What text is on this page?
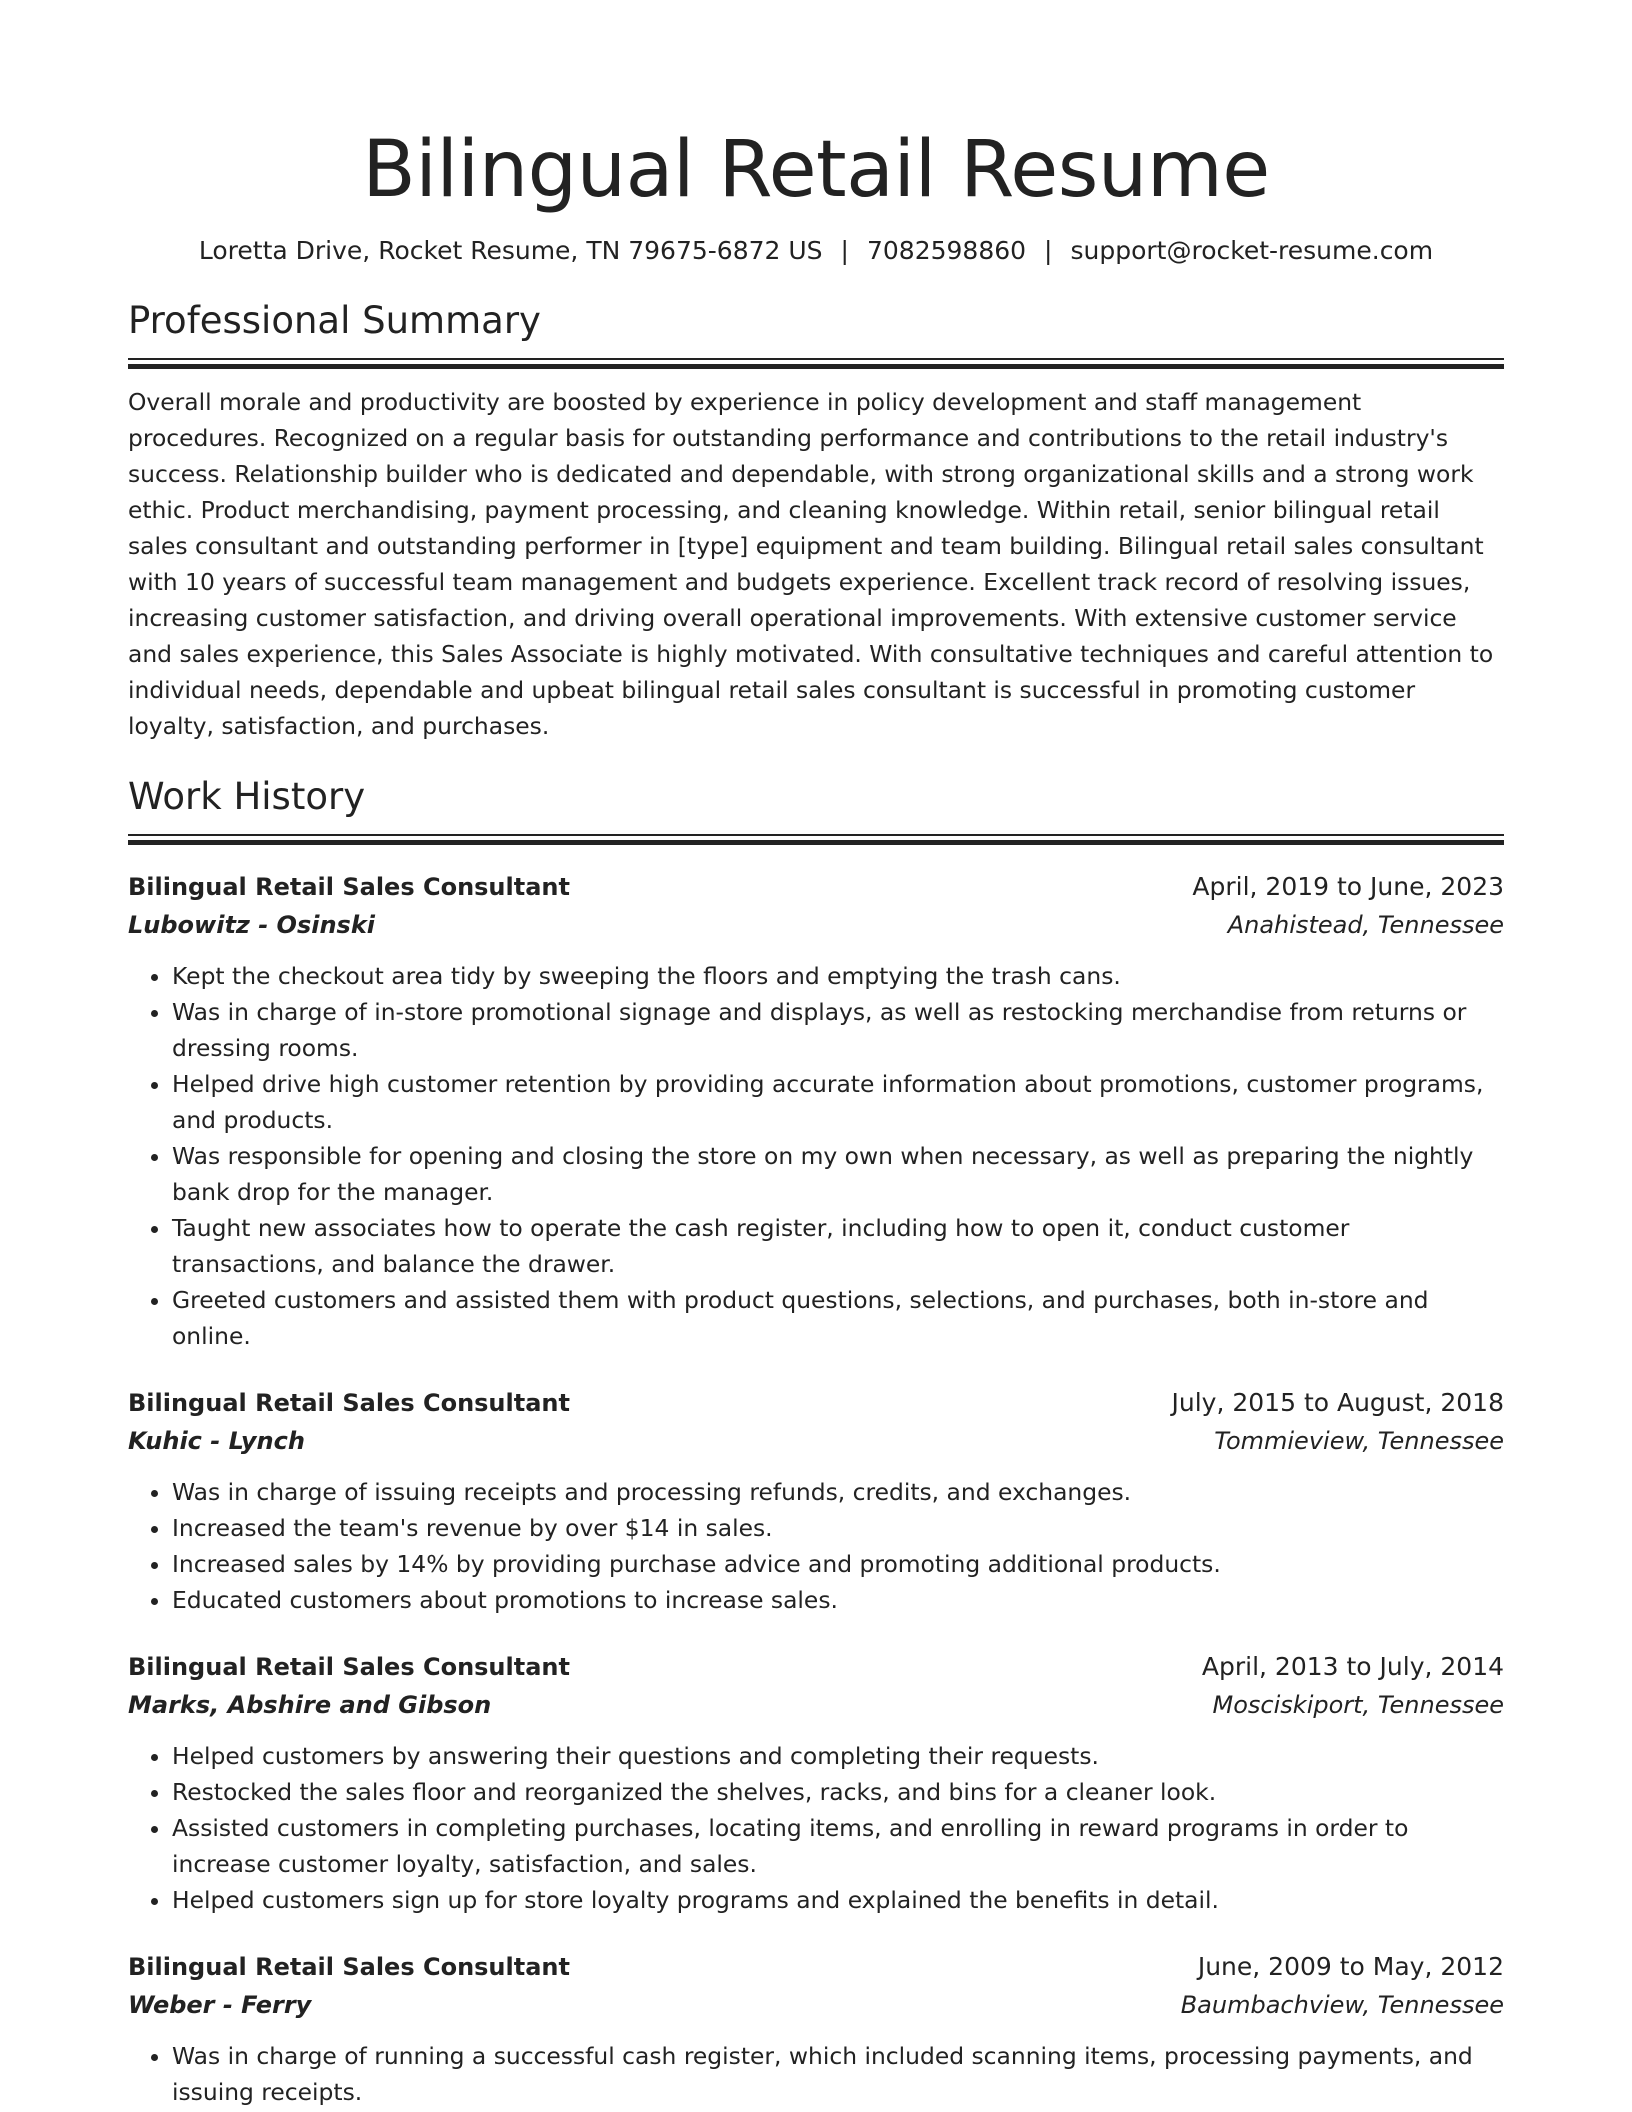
Bilingual Retail Resume
Loretta Drive, Rocket Resume, TN 79675-6872 US | 7082598860 | support@rocket-resume.com
Professional Summary

Overall morale and productivity are boosted by experience in policy development and staff management procedures. Recognized on a regular basis for outstanding performance and contributions to the retail industry's success. Relationship builder who is dedicated and dependable, with strong organizational skills and a strong work ethic. Product merchandising, payment processing, and cleaning knowledge. Within retail, senior bilingual retail sales consultant and outstanding performer in [type] equipment and team building. Bilingual retail sales consultant with 10 years of successful team management and budgets experience. Excellent track record of resolving issues, increasing customer satisfaction, and driving overall operational improvements. With extensive customer service and sales experience, this Sales Associate is highly motivated. With consultative techniques and careful attention to individual needs, dependable and upbeat bilingual retail sales consultant is successful in promoting customer loyalty, satisfaction, and purchases.

Work History
Bilingual Retail Sales Consultant	April, 2019 to June, 2023
Lubowitz - Osinski	Anahistead, Tennessee
• Kept the checkout area tidy by sweeping the floors and emptying the trash cans.
• Was in charge of in-store promotional signage and displays, as well as restocking merchandise from returns or dressing rooms.
• Helped drive high customer retention by providing accurate information about promotions, customer programs, and products.
• Was responsible for opening and closing the store on my own when necessary, as well as preparing the nightly bank drop for the manager.
• Taught new associates how to operate the cash register, including how to open it, conduct customer transactions, and balance the drawer.
• Greeted customers and assisted them with product questions, selections, and purchases, both in-store and online.
Bilingual Retail Sales Consultant	July, 2015 to August, 2018
Kuhic - Lynch	Tommieview, Tennessee
• Was in charge of issuing receipts and processing refunds, credits, and exchanges.
• Increased the team's revenue by over $14 in sales.
• Increased sales by 14% by providing purchase advice and promoting additional products.
• Educated customers about promotions to increase sales.
Bilingual Retail Sales Consultant	April, 2013 to July, 2014
Marks, Abshire and Gibson	Mosciskiport, Tennessee
• Helped customers by answering their questions and completing their requests.
• Restocked the sales floor and reorganized the shelves, racks, and bins for a cleaner look.
• Assisted customers in completing purchases, locating items, and enrolling in reward programs in order to increase customer loyalty, satisfaction, and sales.
• Helped customers sign up for store loyalty programs and explained the benefits in detail.
Bilingual Retail Sales Consultant	June, 2009 to May, 2012
Weber - Ferry	Baumbachview, Tennessee
• Was in charge of running a successful cash register, which included scanning items, processing payments, and issuing receipts.
